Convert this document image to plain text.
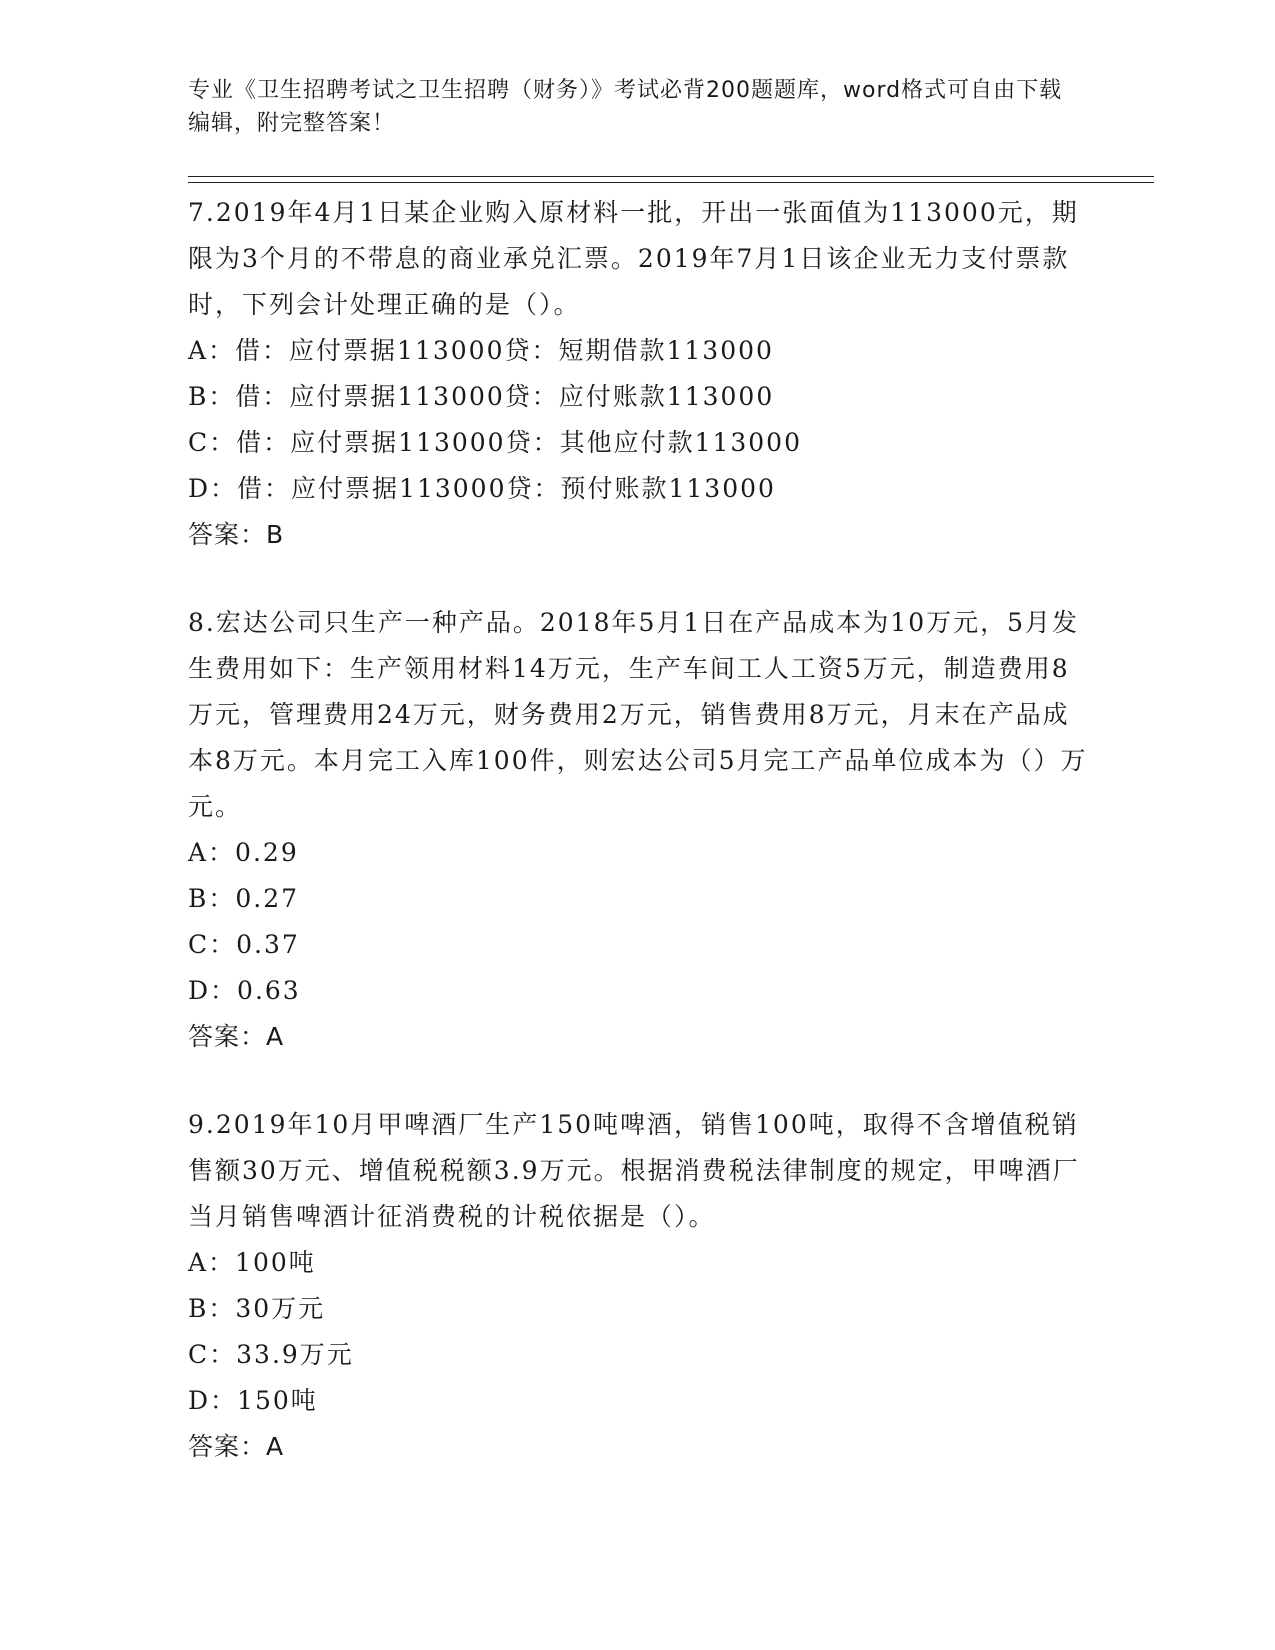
专业《卫生招聘考试之卫生招聘（财务）》考试必背200题题库，word格式可自由下载编辑，附完整答案！

7.2019年4月1日某企业购入原材料一批，开出一张面值为113000元，期限为3个月的不带息的商业承兑汇票。2019年7月1日该企业无力支付票款时，下列会计处理正确的是（）。

A：借：应付票据113000贷：短期借款113000
B：借：应付票据113000贷：应付账款113000
C：借：应付票据113000贷：其他应付款113000
D：借：应付票据113000贷：预付账款113000
答案：B

8.宏达公司只生产一种产品。2018年5月1日在产品成本为10万元，5月发生费用如下：生产领用材料14万元，生产车间工人工资5万元，制造费用8万元，管理费用24万元，财务费用2万元，销售费用8万元，月末在产品成本8万元。本月完工入库100件，则宏达公司5月完工产品单位成本为（）万元。

A：0.29
B：0.27
C：0.37
D：0.63
答案：A

9.2019年10月甲啤酒厂生产150吨啤酒，销售100吨，取得不含增值税销售额30万元、增值税税额3.9万元。根据消费税法律制度的规定，甲啤酒厂当月销售啤酒计征消费税的计税依据是（）。

A：100吨
B：30万元
C：33.9万元
D：150吨
答案：A
